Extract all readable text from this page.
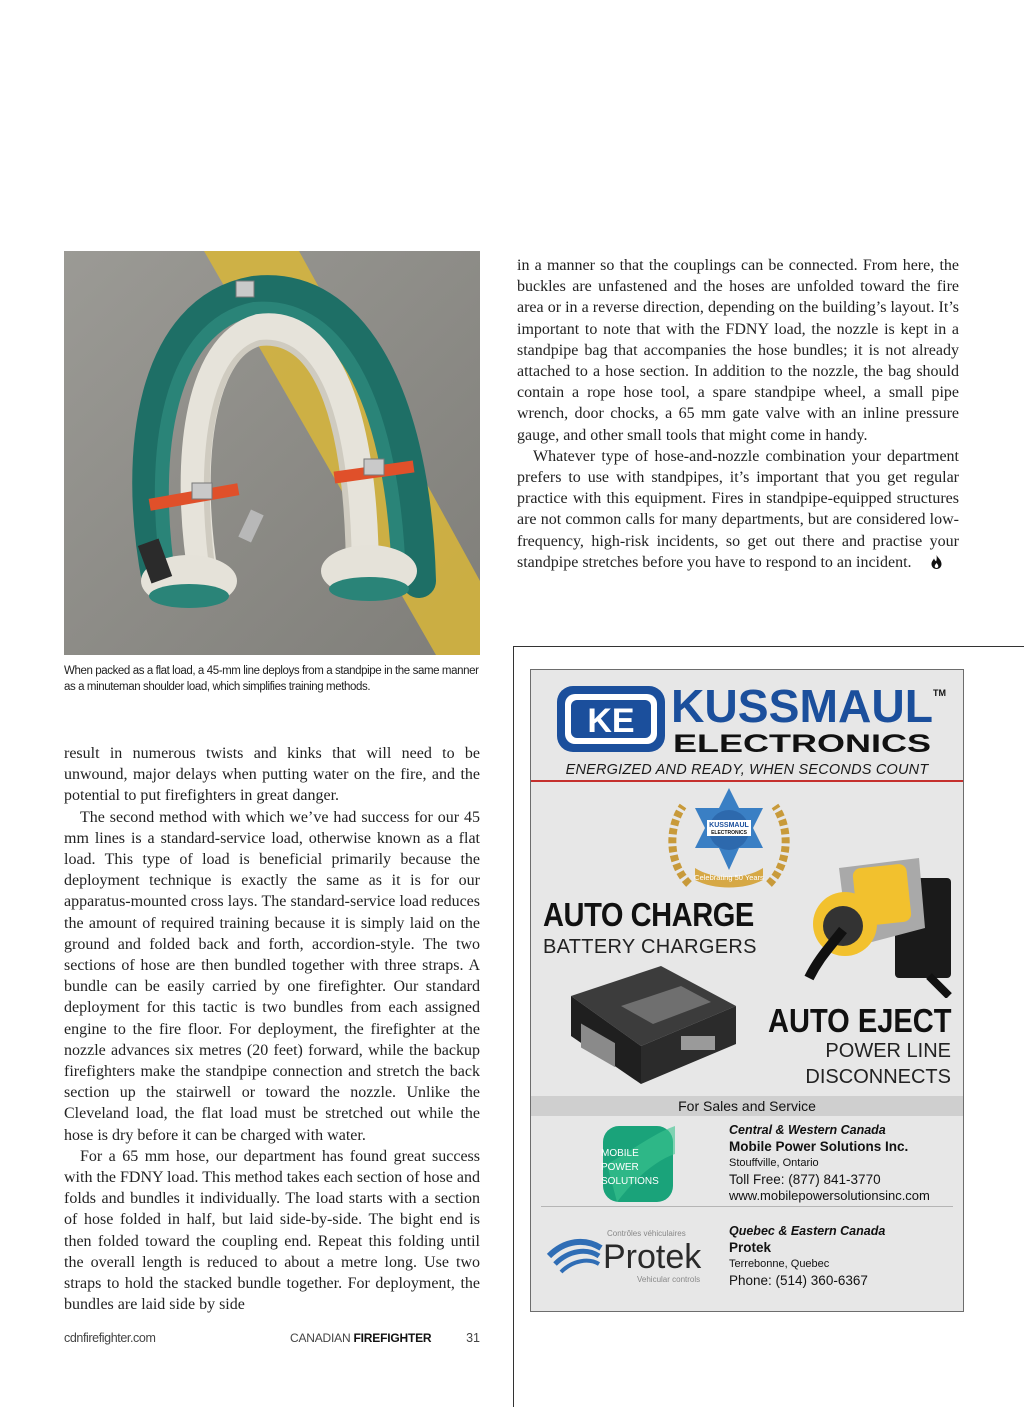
When packed as a flat load, a 45-mm line deploys from a standpipe in the same manner as a minuteman shoulder load, which simplifies training methods.

result in numerous twists and kinks that will need to be unwound, major delays when putting water on the fire, and the potential to put firefighters in great danger.

The second method with which we’ve had success for our 45 mm lines is a standard-service load, otherwise known as a flat load. This type of load is beneficial primarily because the deployment technique is exactly the same as it is for our apparatus-mounted cross lays. The standard-service load reduces the amount of required training because it is simply laid on the ground and folded back and forth, accordion-style. The two sections of hose are then bundled together with three straps. A bundle can be easily carried by one firefighter. Our standard deployment for this tactic is two bundles from each assigned engine to the fire floor. For deployment, the firefighter at the nozzle advances six metres (20 feet) forward, while the backup firefighters make the standpipe connection and stretch the back section up the stairwell or toward the nozzle. Unlike the Cleveland load, the flat load must be stretched out while the hose is dry before it can be charged with water.

For a 65 mm hose, our department has found great success with the FDNY load. This method takes each section of hose and folds and bundles it individually. The load starts with a section of hose folded in half, but laid side-by-side. The bight end is then folded toward the coupling end. Repeat this folding until the overall length is reduced to about a metre long. Use two straps to hold the stacked bundle together. For deployment, the bundles are laid side by side

in a manner so that the couplings can be connected. From here, the buckles are unfastened and the hoses are unfolded toward the fire area or in a reverse direction, depending on the building’s layout. It’s important to note that with the FDNY load, the nozzle is kept in a standpipe bag that accompanies the hose bundles; it is not already attached to a hose section. In addition to the nozzle, the bag should contain a rope hose tool, a spare standpipe wheel, a small pipe wrench, door chocks, a 65 mm gate valve with an inline pressure gauge, and other small tools that might come in handy.

Whatever type of hose-and-nozzle combination your department prefers to use with standpipes, it’s important that you get regular practice with this equipment. Fires in standpipe-equipped structures are not common calls for many departments, but are considered low-frequency, high-risk incidents, so get out there and practise your standpipe stretches before you have to respond to an incident.

cdnfirefighter.com	CANADIAN FIREFIGHTER	31
KE KUSSMAUL TM
ELECTRONICS
ENERGIZED AND READY, WHEN SECONDS COUNT
KUSSMAUL
ELECTRONICS
Celebrating 50 Years
AUTO CHARGE
BATTERY CHARGERS
AUTO EJECT
POWER LINE
DISCONNECTS
For Sales and Service
MOBILE
POWER
SOLUTIONS
Central & Western Canada
Mobile Power Solutions Inc.
Stouffville, Ontario
Toll Free: (877) 841-3770
www.mobilepowersolutionsinc.com
Contrôles véhiculaires
Protek
Vehicular controls
Quebec & Eastern Canada
Protek
Terrebonne, Quebec
Phone: (514) 360-6367
